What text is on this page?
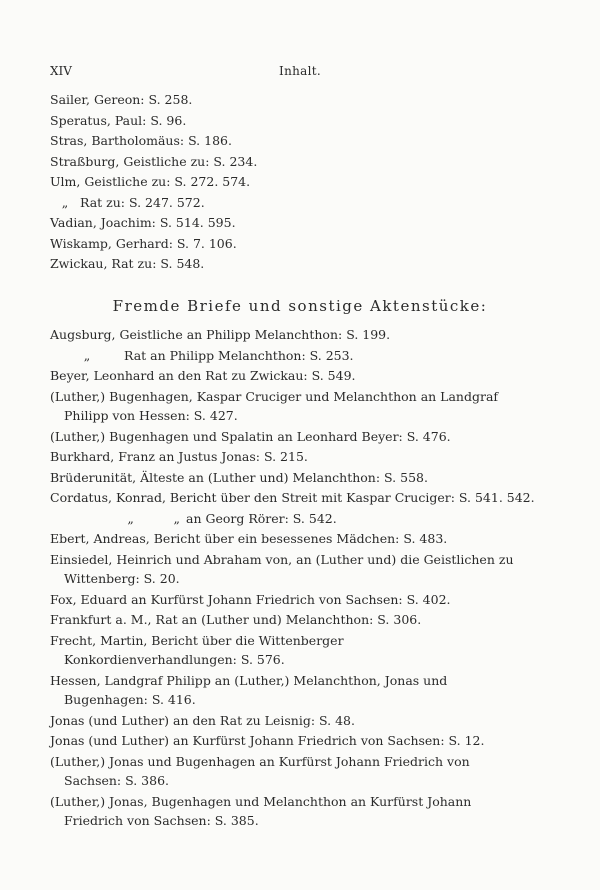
XIV	Inhalt.
Sailer, Gereon: S. 258.
Speratus, Paul: S. 96.
Stras, Bartholomäus: S. 186.
Straßburg, Geistliche zu: S. 234.
Ulm, Geistliche zu: S. 272. 574.
„ Rat zu: S. 247. 572.
Vadian, Joachim: S. 514. 595.
Wiskamp, Gerhard: S. 7. 106.
Zwickau, Rat zu: S. 548.
Fremde Briefe und sonstige Aktenstücke:
Augsburg, Geistliche an Philipp Melanchthon: S. 199.
„	Rat an Philipp Melanchthon: S. 253.
Beyer, Leonhard an den Rat zu Zwickau: S. 549.
(Luther,) Bugenhagen, Kaspar Cruciger und Melanchthon an Landgraf Philipp von Hessen: S. 427.
(Luther,) Bugenhagen und Spalatin an Leonhard Beyer: S. 476.
Burkhard, Franz an Justus Jonas: S. 215.
Brüderunität, Älteste an (Luther und) Melanchthon: S. 558.
Cordatus, Konrad, Bericht über den Streit mit Kaspar Cruciger: S. 541. 542.
„          „ an Georg Rörer: S. 542.
Ebert, Andreas, Bericht über ein besessenes Mädchen: S. 483.
Einsiedel, Heinrich und Abraham von, an (Luther und) die Geistlichen zu Wittenberg: S. 20.
Fox, Eduard an Kurfürst Johann Friedrich von Sachsen: S. 402.
Frankfurt a. M., Rat an (Luther und) Melanchthon: S. 306.
Frecht, Martin, Bericht über die Wittenberger Konkordienverhandlungen: S. 576.
Hessen, Landgraf Philipp an (Luther,) Melanchthon, Jonas und Bugenhagen: S. 416.
Jonas (und Luther) an den Rat zu Leisnig: S. 48.
Jonas (und Luther) an Kurfürst Johann Friedrich von Sachsen: S. 12.
(Luther,) Jonas und Bugenhagen an Kurfürst Johann Friedrich von Sachsen: S. 386.
(Luther,) Jonas, Bugenhagen und Melanchthon an Kurfürst Johann Friedrich von Sachsen: S. 385.
